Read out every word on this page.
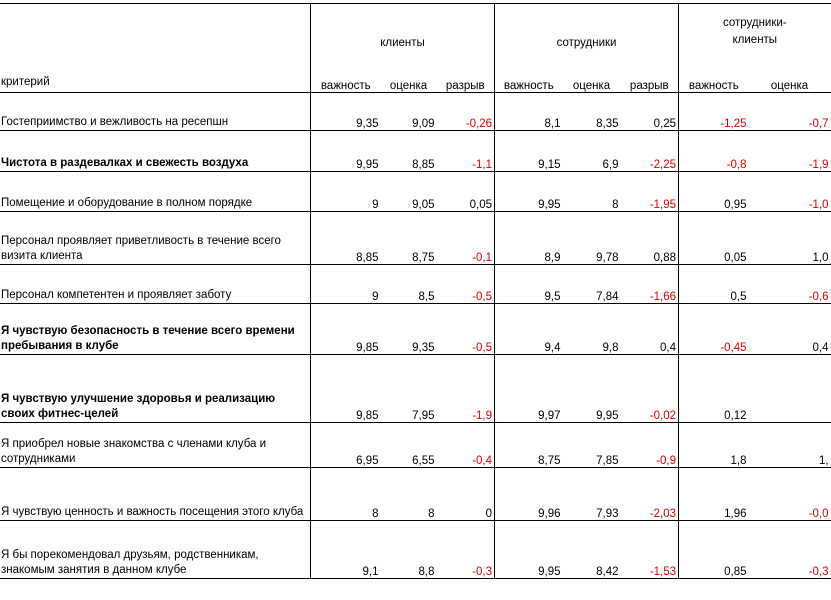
критерий	клиенты			сотрудники			сотрудники-
клиенты	
	важность	оценка	разрыв	важность	оценка	разрыв	важность	оценка
Гостеприимство и вежливость на ресепшн	9,35	9,09	-0,26	8,1	8,35	0,25	-1,25	-0,7
Чистота в раздевалках и свежесть воздуха	9,95	8,85	-1,1	9,15	6,9	-2,25	-0,8	-1,9
Помещение и оборудование в полном порядке	9	9,05	0,05	9,95	8	-1,95	0,95	-1,0
Персонал проявляет приветливость в течение всего визита клиента	8,85	8,75	-0,1	8,9	9,78	0,88	0,05	1,0
Персонал компетентен и проявляет заботу	9	8,5	-0,5	9,5	7,84	-1,66	0,5	-0,6
Я чувствую безопасность в течение всего времени пребывания в клубе	9,85	9,35	-0,5	9,4	9,8	0,4	-0,45	0,4
Я чувствую улучшение здоровья и реализацию своих фитнес-целей	9,85	7,95	-1,9	9,97	9,95	-0,02	0,12	
Я приобрел новые знакомства с членами клуба и сотрудниками	6,95	6,55	-0,4	8,75	7,85	-0,9	1,8	1,
Я чувствую ценность и важность посещения этого клуба	8	8	0	9,96	7,93	-2,03	1,96	-0,0
Я бы порекомендовал друзьям, родственникам, знакомым занятия в данном клубе	9,1	8,8	-0,3	9,95	8,42	-1,53	0,85	-0,3
